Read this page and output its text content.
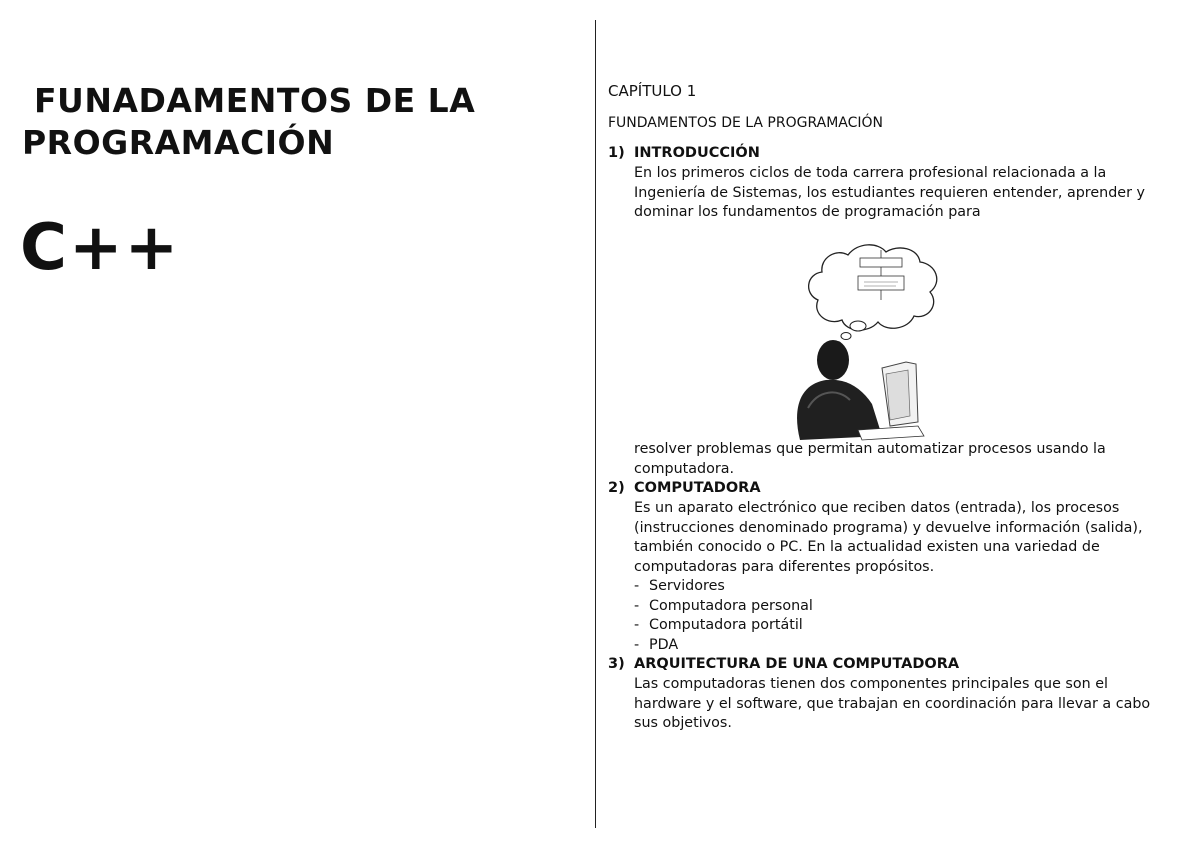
FUNADAMENTOS DE LA
PROGRAMACIÓN
C++
CAPÍTULO 1
FUNDAMENTOS DE LA PROGRAMACIÓN
1) INTRODUCCIÓN
En los primeros ciclos de toda carrera profesional relacionada a la Ingeniería de Sistemas, los estudiantes requieren entender, aprender y dominar los fundamentos de programación para
resolver problemas que permitan automatizar procesos usando la computadora.
2) COMPUTADORA
Es un aparato electrónico que reciben datos (entrada), los procesos (instrucciones denominado programa) y devuelve información (salida), también conocido o PC. En la actualidad existen una variedad de computadoras para diferentes propósitos.
- Servidores
- Computadora personal
- Computadora portátil
- PDA
3) ARQUITECTURA DE UNA COMPUTADORA
Las computadoras tienen dos componentes principales que son el hardware y el software, que trabajan en coordinación para llevar a cabo sus objetivos.
